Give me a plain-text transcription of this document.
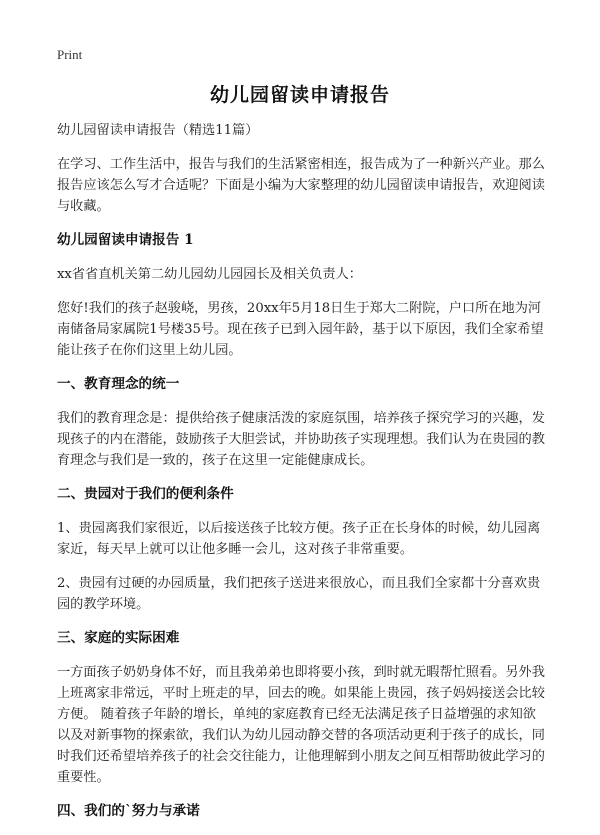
Print
幼儿园留读申请报告

幼儿园留读申请报告（精选11篇）

在学习、工作生活中，报告与我们的生活紧密相连，报告成为了一种新兴产业。那么报告应该怎么写才合适呢？下面是小编为大家整理的幼儿园留读申请报告，欢迎阅读与收藏。

幼儿园留读申请报告 1

xx省省直机关第二幼儿园幼儿园园长及相关负责人：

您好!我们的孩子赵骏峣，男孩，20xx年5月18日生于郑大二附院，户口所在地为河南储备局家属院1号楼35号。现在孩子已到入园年龄，基于以下原因，我们全家希望能让孩子在你们这里上幼儿园。

一、教育理念的统一

我们的教育理念是：提供给孩子健康活泼的家庭氛围，培养孩子探究学习的兴趣，发现孩子的内在潜能，鼓励孩子大胆尝试，并协助孩子实现理想。我们认为在贵园的教育理念与我们是一致的，孩子在这里一定能健康成长。

二、贵园对于我们的便利条件

1、贵园离我们家很近，以后接送孩子比较方便。孩子正在长身体的时候，幼儿园离家近，每天早上就可以让他多睡一会儿，这对孩子非常重要。

2、贵园有过硬的办园质量，我们把孩子送进来很放心，而且我们全家都十分喜欢贵园的教学环境。

三、家庭的实际困难

一方面孩子奶奶身体不好，而且我弟弟也即将要小孩，到时就无暇帮忙照看。另外我上班离家非常远，平时上班走的早，回去的晚。如果能上贵园，孩子妈妈接送会比较方便。 随着孩子年龄的增长，单纯的家庭教育已经无法满足孩子日益增强的求知欲以及对新事物的探索欲，我们认为幼儿园动静交替的各项活动更利于孩子的成长，同时我们还希望培养孩子的社会交往能力，让他理解到小朋友之间互相帮助彼此学习的重要性。

四、我们的`努力与承诺
